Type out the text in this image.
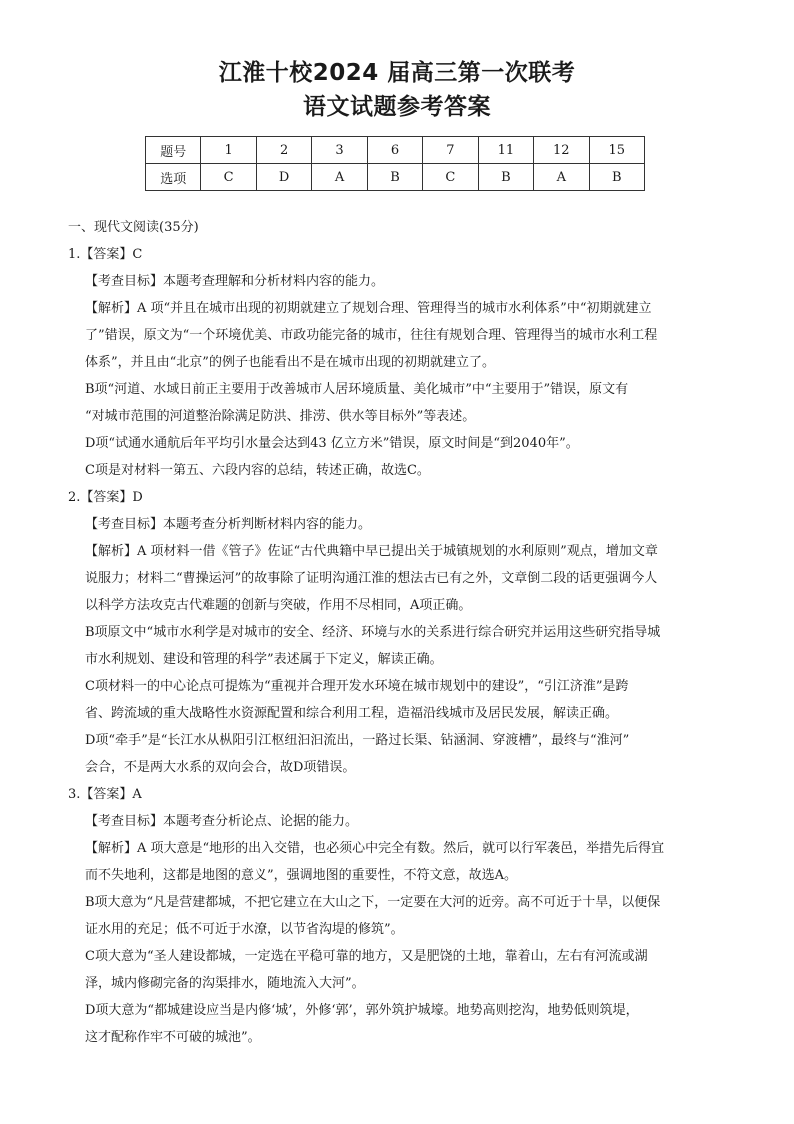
江淮十校2024 届高三第一次联考
语文试题参考答案
题号	1	2	3	6	7	11	12	15
选项	C	D	A	B	C	B	A	B

一、现代文阅读(35分)

1.【答案】C

【考查目标】本题考查理解和分析材料内容的能力。

【解析】A 项“并且在城市出现的初期就建立了规划合理、管理得当的城市水利体系”中“初期就建立

了”错误，原文为“一个环境优美、市政功能完备的城市，往往有规划合理、管理得当的城市水利工程

体系”，并且由“北京”的例子也能看出不是在城市出现的初期就建立了。

B项“河道、水域日前正主要用于改善城市人居环境质量、美化城市”中“主要用于”错误，原文有

“对城市范围的河道整治除满足防洪、排涝、供水等目标外”等表述。

D项“试通水通航后年平均引水量会达到43 亿立方米”错误，原文时间是“到2040年”。

C项是对材料一第五、六段内容的总结，转述正确，故选C。

2.【答案】D

【考查目标】本题考查分析判断材料内容的能力。

【解析】A 项材料一借《管子》佐证“古代典籍中早已提出关于城镇规划的水利原则”观点，增加文章

说服力；材料二“曹操运河”的故事除了证明沟通江淮的想法古已有之外，文章倒二段的话更强调今人

以科学方法攻克古代难题的创新与突破，作用不尽相同，A项正确。

B项原文中“城市水利学是对城市的安全、经济、环境与水的关系进行综合研究并运用这些研究指导城

市水利规划、建设和管理的科学”表述属于下定义，解读正确。

C项材料一的中心论点可提炼为“重视并合理开发水环境在城市规划中的建设”，“引江济淮”是跨

省、跨流域的重大战略性水资源配置和综合利用工程，造福沿线城市及居民发展，解读正确。

D项“牵手”是“长江水从枞阳引江枢纽汩汩流出，一路过长渠、钻涵洞、穿渡槽”，最终与“淮河”

会合，不是两大水系的双向会合，故D项错误。

3.【答案】A

【考查目标】本题考查分析论点、论据的能力。

【解析】A 项大意是“地形的出入交错，也必须心中完全有数。然后，就可以行军袭邑，举措先后得宜

而不失地利，这都是地图的意义”，强调地图的重要性，不符文意，故选A。

B项大意为“凡是营建都城，不把它建立在大山之下，一定要在大河的近旁。高不可近于十旱，以便保

证水用的充足；低不可近于水潦，以节省沟堤的修筑”。

C项大意为“圣人建设都城，一定选在平稳可靠的地方，又是肥饶的土地，靠着山，左右有河流或湖

泽，城内修砌完备的沟渠排水，随地流入大河”。

D项大意为“都城建设应当是内修‘城’，外修‘郭’，郭外筑护城壕。地势高则挖沟，地势低则筑堤，

这才配称作牢不可破的城池”。
